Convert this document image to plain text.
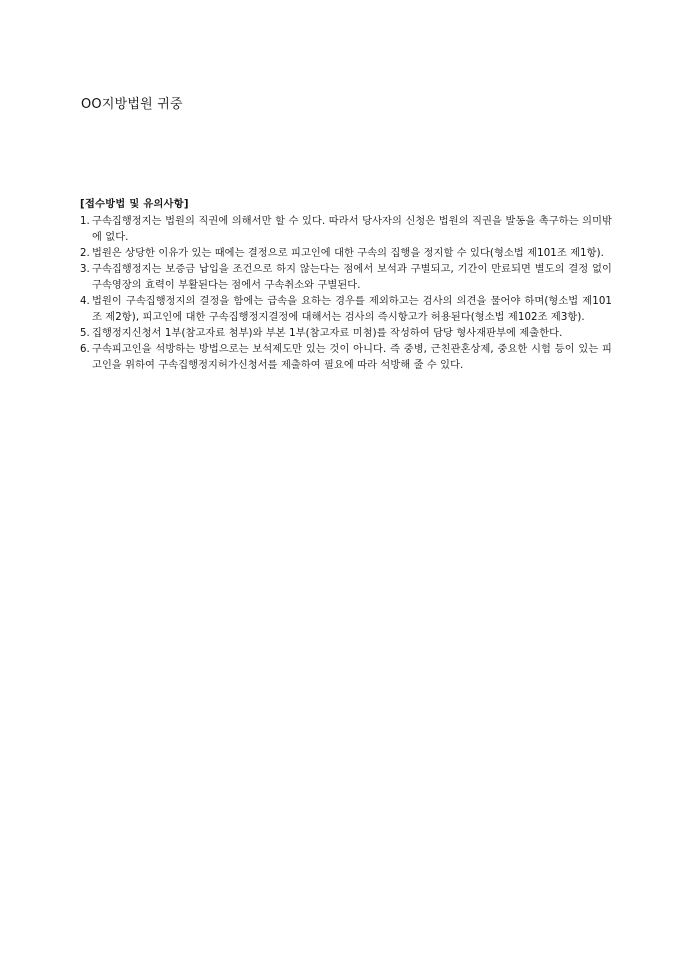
OO지방법원 귀중
[접수방법 및 유의사항]
1. 구속집행정지는 법원의 직권에 의해서만 할 수 있다. 따라서 당사자의 신청은 법원의 직권을 발동을 촉구하는 의미밖에 없다.
2. 법원은 상당한 이유가 있는 때에는 결정으로 피고인에 대한 구속의 집행을 정지할 수 있다(형소법 제101조 제1항).
3. 구속집행정지는 보증금 납입을 조건으로 하지 않는다는 점에서 보석과 구별되고, 기간이 만료되면 별도의 결정 없이 구속영장의 효력이 부활된다는 점에서 구속취소와 구별된다.
4. 법원이 구속집행정지의 결정을 함에는 급속을 요하는 경우를 제외하고는 검사의 의견을 물어야 하며(형소법 제101조 제2항), 피고인에 대한 구속집행정지결정에 대해서는 검사의 즉시항고가 허용된다(형소법 제102조 제3항).
5. 집행정지신청서 1부(참고자료 첨부)와 부본 1부(참고자료 미첨)를 작성하여 담당 형사재판부에 제출한다.
6. 구속피고인을 석방하는 방법으로는 보석제도만 있는 것이 아니다. 즉 중병, 근친관혼상제, 중요한 시험 등이 있는 피고인을 위하여 구속집행정지허가신청서를 제출하여 필요에 따라 석방해 줄 수 있다.
